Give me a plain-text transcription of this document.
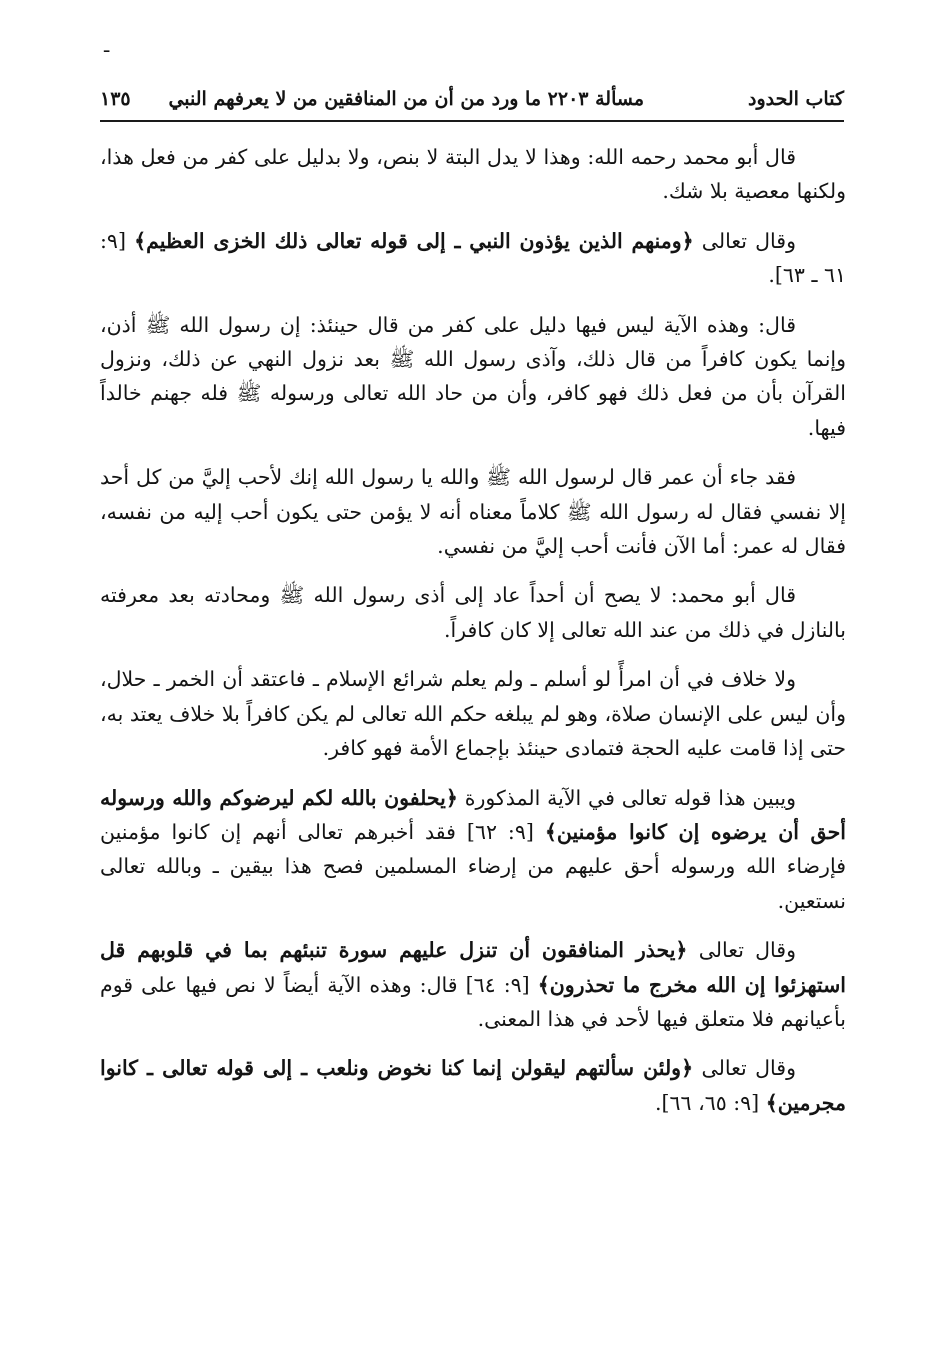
ـ
كتاب الحدود
مسألة ٢٢٠٣ ما ورد من أن من المنافقين من لا يعرفهم النبي
١٣٥

قال أبو محمد رحمه الله: وهذا لا يدل البتة لا بنص، ولا بدليل على كفر من فعل هذا، ولكنها معصية بلا شك.

وقال تعالى ﴿ومنهم الذين يؤذون النبي ـ إلى قوله تعالى ذلك الخزى العظيم﴾ [٩: ٦١ ـ ٦٣].

قال: وهذه الآية ليس فيها دليل على كفر من قال حينئذ: إن رسول الله ﷺ أذن، وإنما يكون كافراً من قال ذلك، وآذى رسول الله ﷺ بعد نزول النهي عن ذلك، ونزول القرآن بأن من فعل ذلك فهو كافر، وأن من حاد الله تعالى ورسوله ﷺ فله جهنم خالداً فيها.

فقد جاء أن عمر قال لرسول الله ﷺ والله يا رسول الله إنك لأحب إليَّ من كل أحد إلا نفسي فقال له رسول الله ﷺ كلاماً معناه أنه لا يؤمن حتى يكون أحب إليه من نفسه، فقال له عمر: أما الآن فأنت أحب إليَّ من نفسي.

قال أبو محمد: لا يصح أن أحداً عاد إلى أذى رسول الله ﷺ ومحادته بعد معرفته بالنازل في ذلك من عند الله تعالى إلا كان كافراً.

ولا خلاف في أن امرأً لو أسلم ـ ولم يعلم شرائع الإسلام ـ فاعتقد أن الخمر ـ حلال، وأن ليس على الإنسان صلاة، وهو لم يبلغه حكم الله تعالى لم يكن كافراً بلا خلاف يعتد به، حتى إذا قامت عليه الحجة فتمادى حينئذ بإجماع الأمة فهو كافر.

ويبين هذا قوله تعالى في الآية المذكورة ﴿يحلفون بالله لكم ليرضوكم والله ورسوله أحق أن يرضوه إن كانوا مؤمنين﴾ [٩: ٦٢] فقد أخبرهم تعالى أنهم إن كانوا مؤمنين فإرضاء الله ورسوله أحق عليهم من إرضاء المسلمين فصح هذا بيقين ـ وبالله تعالى نستعين.

وقال تعالى ﴿يحذر المنافقون أن تنزل عليهم سورة تنبئهم بما في قلوبهم قل استهزئوا إن الله مخرج ما تحذرون﴾ [٩: ٦٤] قال: وهذه الآية أيضاً لا نص فيها على قوم بأعيانهم فلا متعلق فيها لأحد في هذا المعنى.

وقال تعالى ﴿ولئن سألتهم ليقولن إنما كنا نخوض ونلعب ـ إلى قوله تعالى ـ كانوا مجرمين﴾ [٩: ٦٥، ٦٦].
